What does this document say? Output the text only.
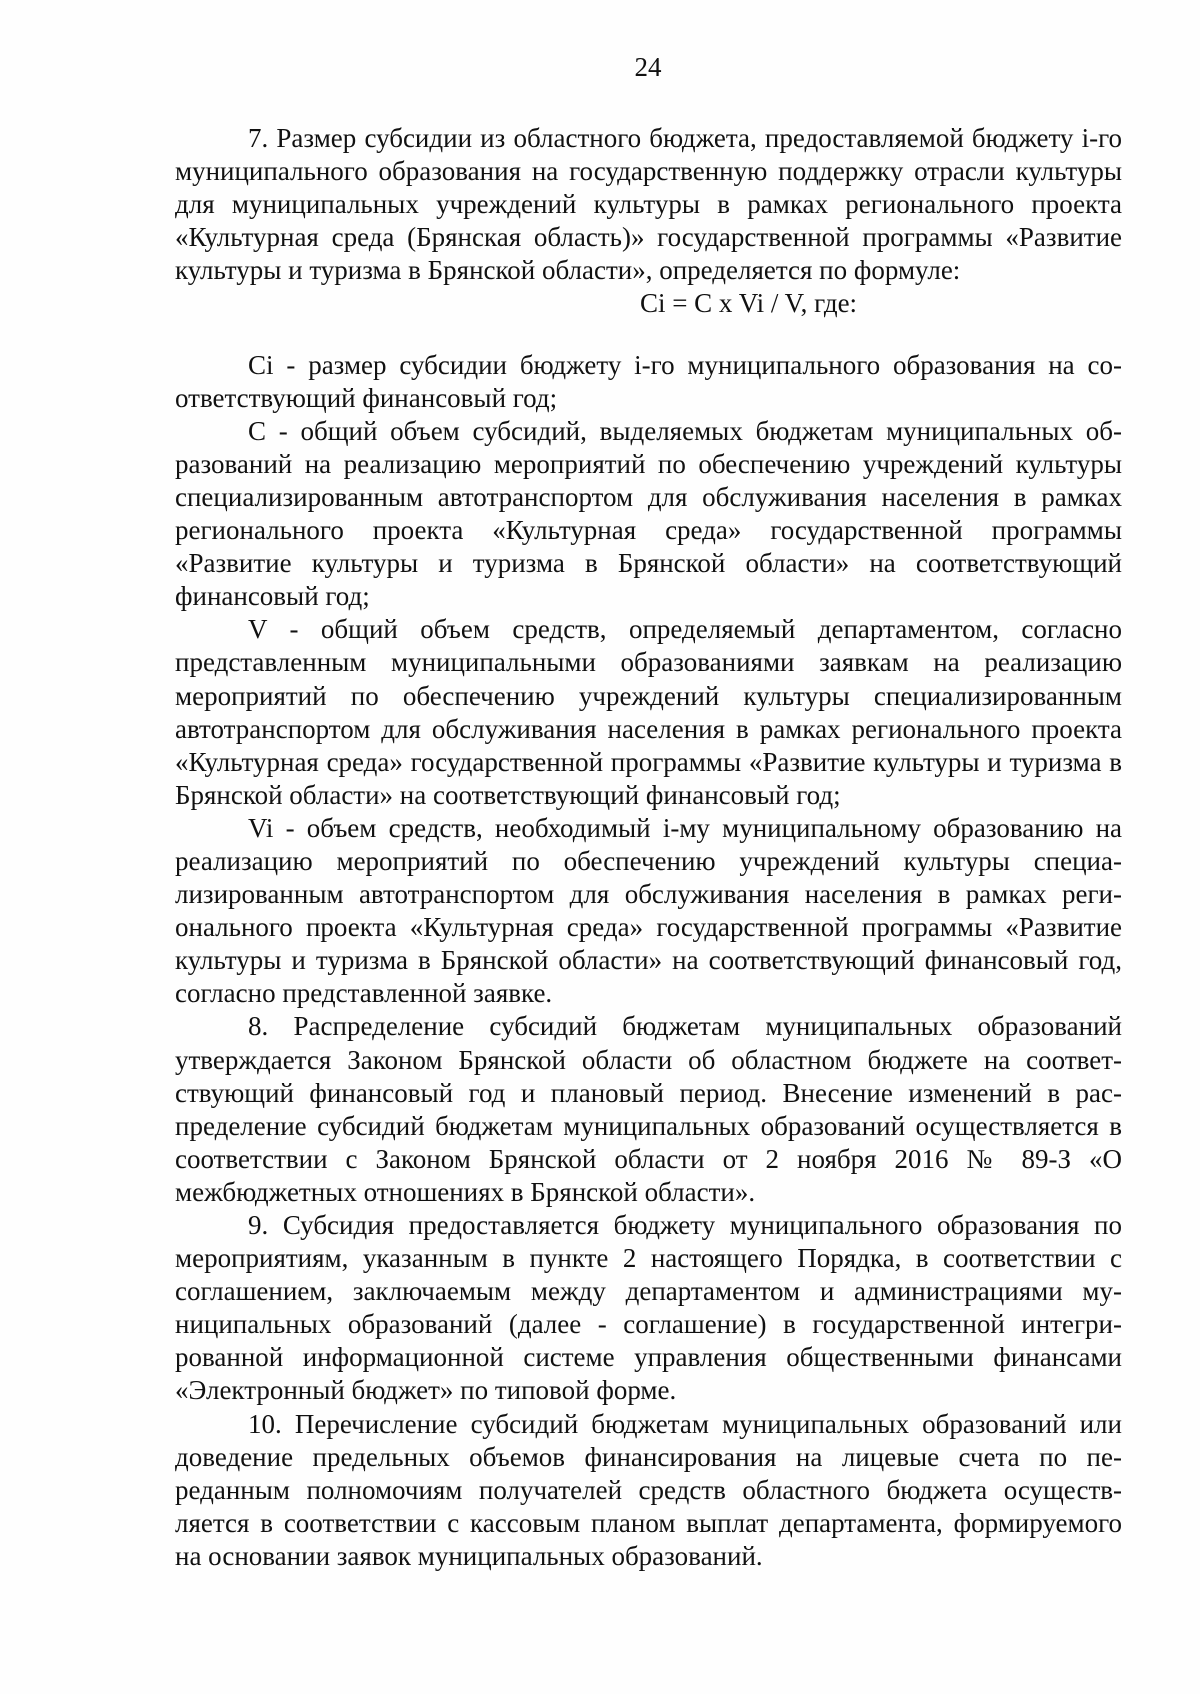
24

7. Размер субсидии из областного бюджета, предоставляемой бюджету i-го муниципального образования на государственную поддержку отрасли культуры для муниципальных учреждений культуры в рамках регионального проекта «Культурная среда (Брянская область)» государственной программы «Развитие культуры и туризма в Брянской области», определяется по формуле:

Ci = C x Vi / V, где:

Ci - размер субсидии бюджету i-го муниципального образования на соответствующий финансовый год;

С - общий объем субсидий, выделяемых бюджетам муниципальных образований на реализацию мероприятий по обеспечению учреждений культуры специализированным автотранспортом для обслуживания населения в рамках регионального проекта «Культурная среда» государственной программы «Развитие культуры и туризма в Брянской области» на соответствующий финансовый год;

V - общий объем средств, определяемый департаментом, согласно представленным муниципальными образованиями заявкам на реализацию мероприятий по обеспечению учреждений культуры специализированным автотранспортом для обслуживания населения в рамках регионального проекта «Культурная среда» государственной программы «Развитие культуры и туризма в Брянской области» на соответствующий финансовый год;

Vi - объем средств, необходимый i-му муниципальному образованию на реализацию мероприятий по обеспечению учреждений культуры специализированным автотранспортом для обслуживания населения в рамках регионального проекта «Культурная среда» государственной программы «Развитие культуры и туризма в Брянской области» на соответствующий финансовый год, согласно представленной заявке.

8. Распределение субсидий бюджетам муниципальных образований утверждается Законом Брянской области об областном бюджете на соответствующий финансовый год и плановый период. Внесение изменений в распределение субсидий бюджетам муниципальных образований осуществляется в соответствии с Законом Брянской области от 2 ноября 2016 № 89-З «О межбюджетных отношениях в Брянской области».

9. Субсидия предоставляется бюджету муниципального образования по мероприятиям, указанным в пункте 2 настоящего Порядка, в соответствии с соглашением, заключаемым между департаментом и администрациями муниципальных образований (далее - соглашение) в государственной интегрированной информационной системе управления общественными финансами «Электронный бюджет» по типовой форме.

10. Перечисление субсидий бюджетам муниципальных образований или доведение предельных объемов финансирования на лицевые счета по переданным полномочиям получателей средств областного бюджета осуществляется в соответствии с кассовым планом выплат департамента, формируемого на основании заявок муниципальных образований.
